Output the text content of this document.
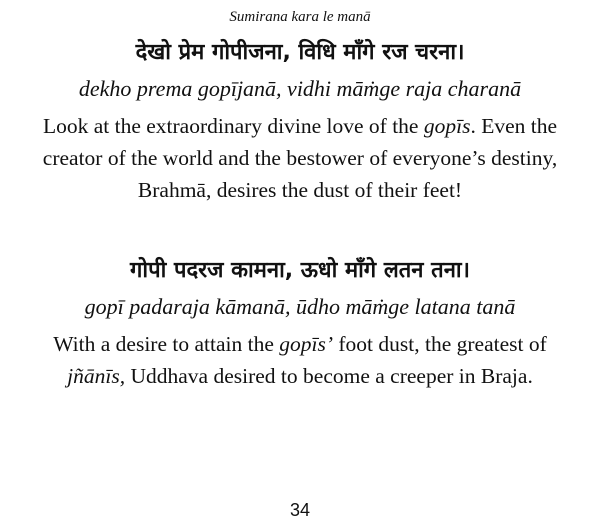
Sumirana kara le manā
देखो प्रेम गोपीजना, विधि माँगे रज चरना।
dekho prema gopījanā, vidhi māṁge raja charanā
Look at the extraordinary divine love of the gopīs. Even the
creator of the world and the bestower of everyone’s destiny,
Brahmā, desires the dust of their feet!
गोपी पदरज कामना, ऊधो माँगे लतन तना।
gopī padaraja kāmanā, ūdho māṁge latana tanā
With a desire to attain the gopīs’ foot dust, the greatest of
jñānīs, Uddhava desired to become a creeper in Braja.
34
